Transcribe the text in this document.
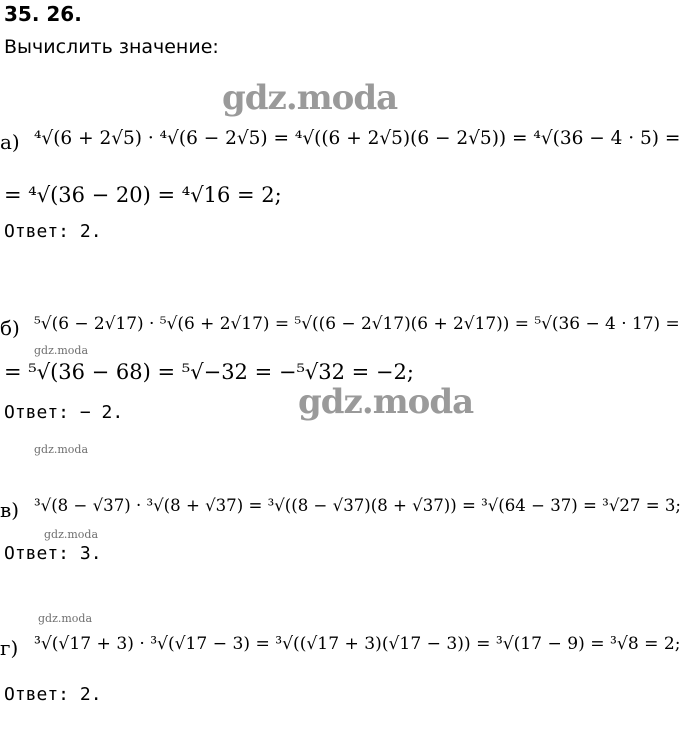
35. 26.
Вычислить значение:
gdz.moda
gdz.moda
gdz.moda
gdz.moda
gdz.moda
gdz.moda
а) ⁴√(6 + 2√5) · ⁴√(6 − 2√5) = ⁴√((6 + 2√5)(6 − 2√5)) = ⁴√(36 − 4 · 5) =
= ⁴√(36 − 20) = ⁴√16 = 2;
Ответ: 2.
б) ⁵√(6 − 2√17) · ⁵√(6 + 2√17) = ⁵√((6 − 2√17)(6 + 2√17)) = ⁵√(36 − 4 · 17) =
= ⁵√(36 − 68) = ⁵√−32 = −⁵√32 = −2;
Ответ: − 2.
в) ³√(8 − √37) · ³√(8 + √37) = ³√((8 − √37)(8 + √37)) = ³√(64 − 37) = ³√27 = 3;
Ответ: 3.
г) ³√(√17 + 3) · ³√(√17 − 3) = ³√((√17 + 3)(√17 − 3)) = ³√(17 − 9) = ³√8 = 2;
Ответ: 2.
